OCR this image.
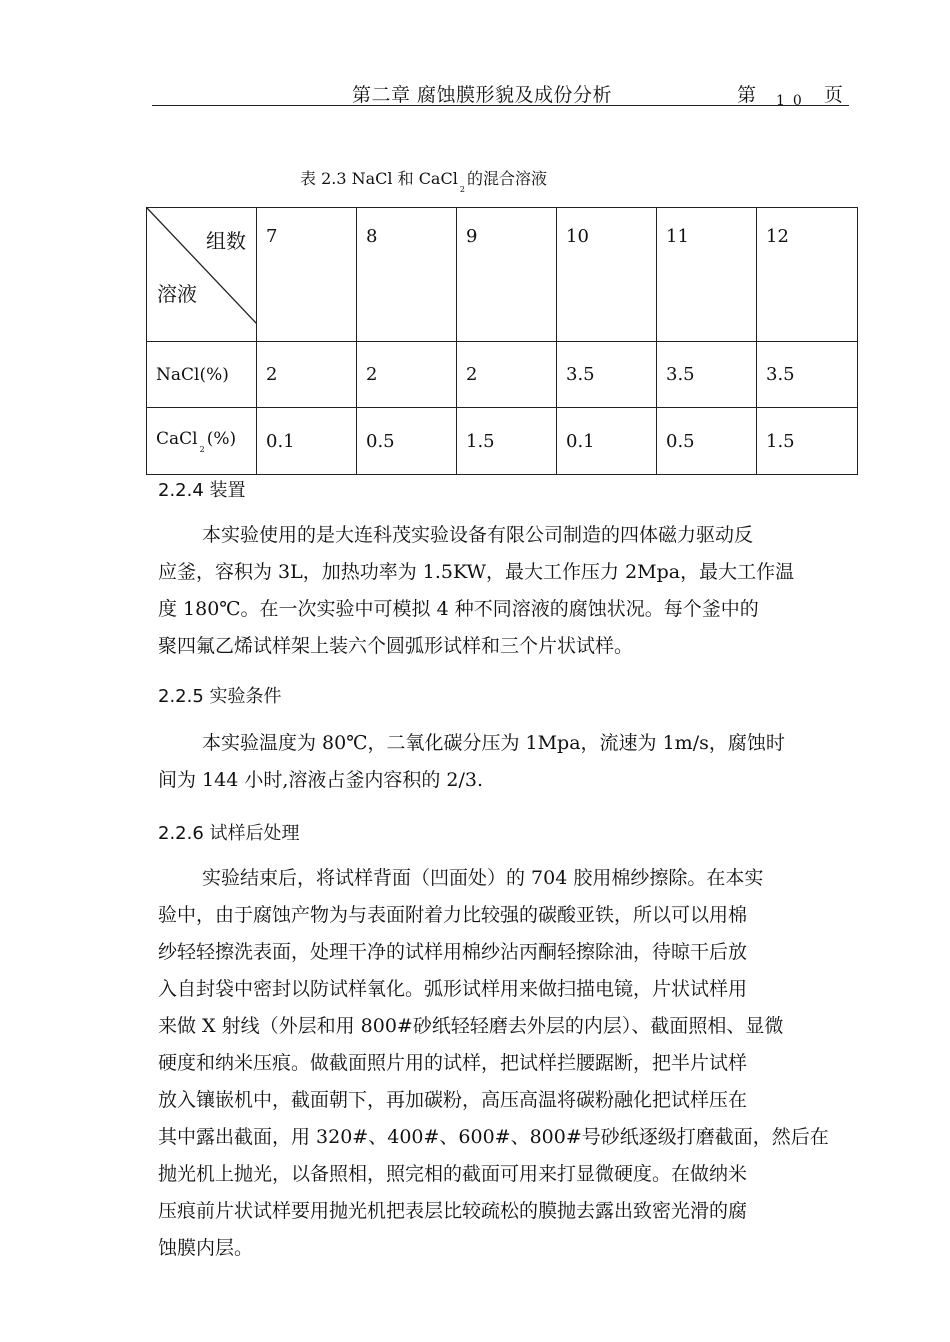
第二章 腐蚀膜形貌及成份分析	第 $_{10}$ 页
表 2.3 NaCl 和 CaCl$_2$的混合溶液
组数
溶液	7	8	9	10	11	12
NaCl(%)	2	2	2	3.5	3.5	3.5
CaCl$_2$(%)	0.1	0.5	1.5	0.1	0.5	1.5
2.2.4 装置
本实验使用的是大连科茂实验设备有限公司制造的四体磁力驱动反
应釜，容积为 3L，加热功率为 1.5KW，最大工作压力 2Mpa，最大工作温
度 180℃。在一次实验中可模拟 4 种不同溶液的腐蚀状况。每个釜中的
聚四氟乙烯试样架上装六个圆弧形试样和三个片状试样。
2.2.5 实验条件
本实验温度为 80℃，二氧化碳分压为 1Mpa，流速为 1m/s，腐蚀时
间为 144 小时,溶液占釜内容积的 2/3.
2.2.6 试样后处理
实验结束后，将试样背面（凹面处）的 704 胶用棉纱擦除。在本实
验中，由于腐蚀产物为与表面附着力比较强的碳酸亚铁，所以可以用棉
纱轻轻擦洗表面，处理干净的试样用棉纱沾丙酮轻擦除油，待晾干后放
入自封袋中密封以防试样氧化。弧形试样用来做扫描电镜，片状试样用
来做 X 射线（外层和用 800#砂纸轻轻磨去外层的内层）、截面照相、显微
硬度和纳米压痕。做截面照片用的试样，把试样拦腰踞断，把半片试样
放入镶嵌机中，截面朝下，再加碳粉，高压高温将碳粉融化把试样压在
其中露出截面，用 320#、400#、600#、800#号砂纸逐级打磨截面，然后在
抛光机上抛光，以备照相，照完相的截面可用来打显微硬度。在做纳米
压痕前片状试样要用抛光机把表层比较疏松的膜抛去露出致密光滑的腐
蚀膜内层。
